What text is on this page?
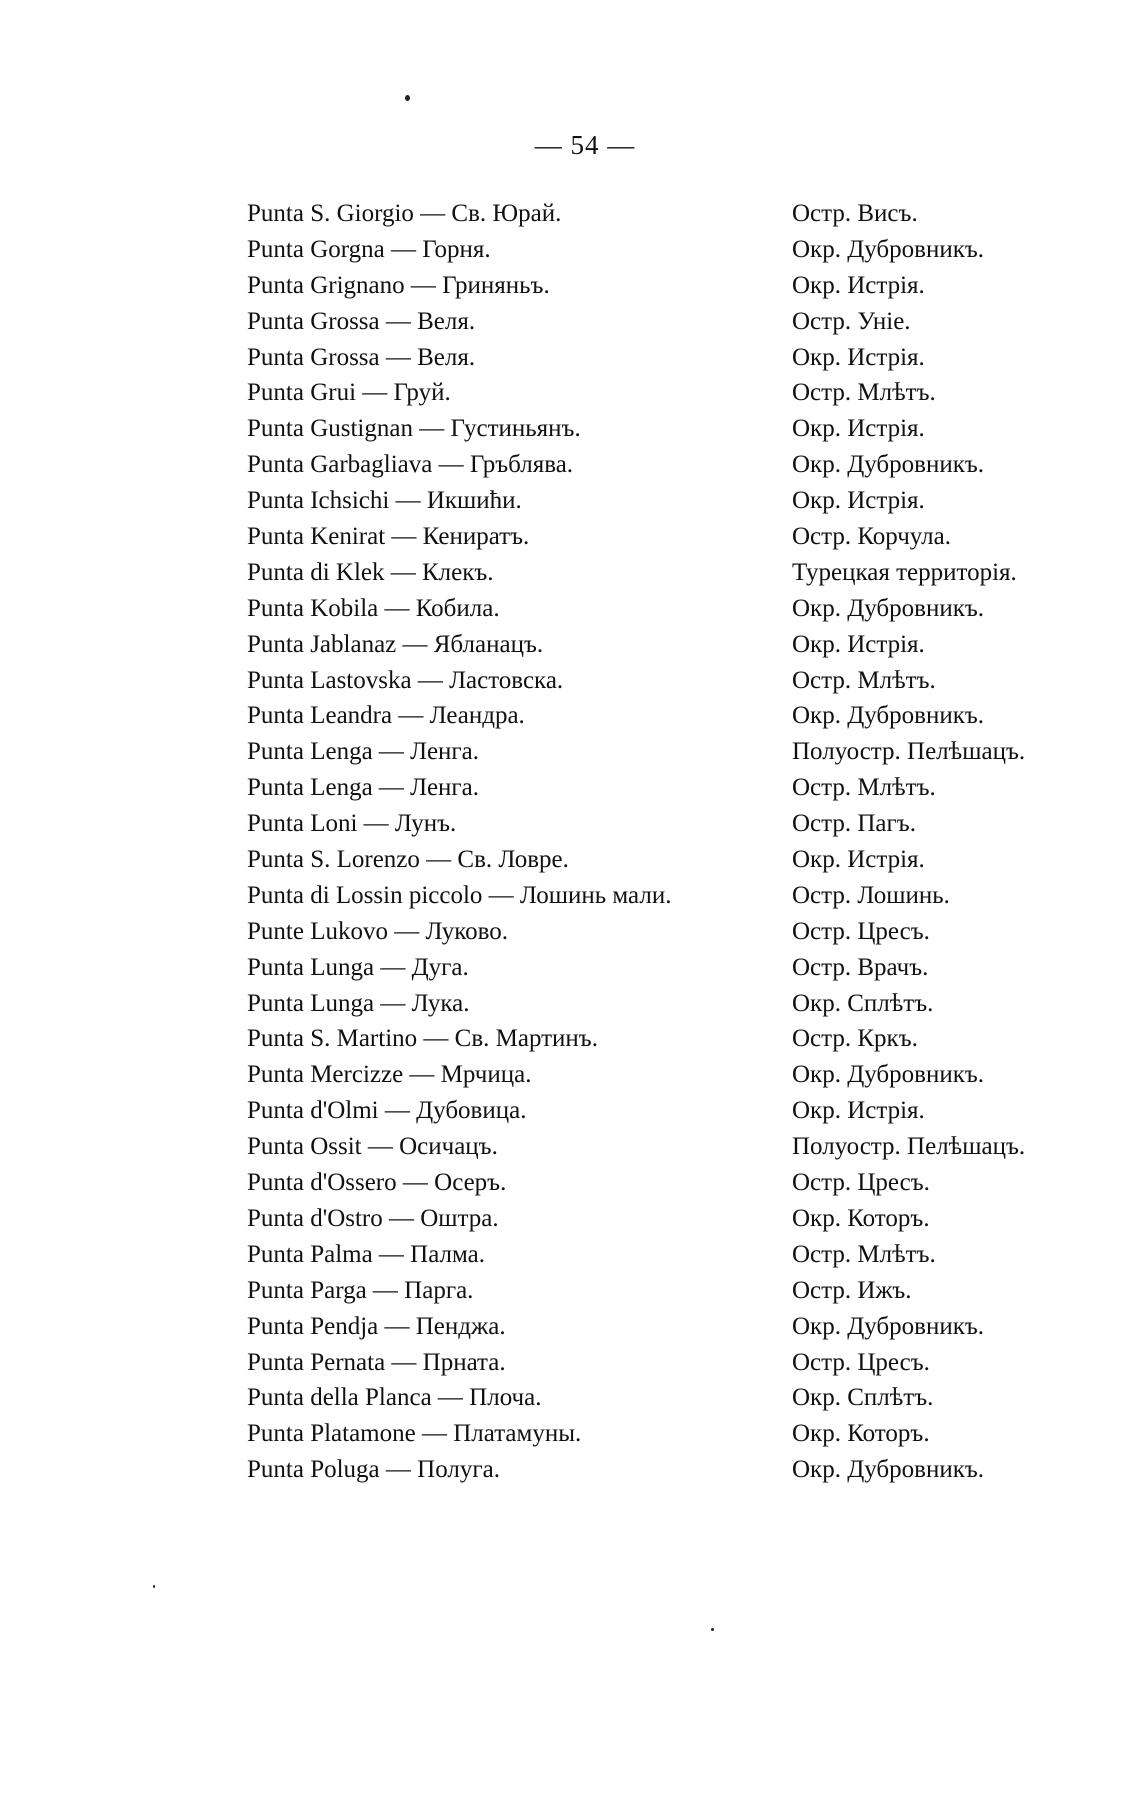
— 54 —
Punta S. Giorgio — Св. Юрай.	Остр. Висъ.
Punta Gorgna — Горня.	Окр. Дубровникъ.
Punta Grignano — Гриняньъ.	Окр. Истрія.
Punta Grossa — Веля.	Остр. Уніе.
Punta Grossa — Веля.	Окр. Истрія.
Punta Grui — Груй.	Остр. Млѣтъ.
Punta Gustignan — Густиньянъ.	Окр. Истрія.
Punta Garbagliava — Гръблява.	Окр. Дубровникъ.
Punta Ichsichi — Икшићи.	Окр. Истрія.
Punta Kenirat — Кениратъ.	Остр. Корчула.
Punta di Klek — Клекъ.	Турецкая территорія.
Punta Kobila — Кобила.	Окр. Дубровникъ.
Punta Jablanaz — Ябланацъ.	Окр. Истрія.
Punta Lastovska — Ластовска.	Остр. Млѣтъ.
Punta Leandra — Леандра.	Окр. Дубровникъ.
Punta Lenga — Ленга.	Полуостр. Пелѣшацъ.
Punta Lenga — Ленга.	Остр. Млѣтъ.
Punta Loni — Лунъ.	Остр. Пагъ.
Punta S. Lorenzo — Св. Ловре.	Окр. Истрія.
Punta di Lossin piccolo — Лошинь мали.	Остр. Лошинь.
Punte Lukovo — Луково.	Остр. Цресъ.
Punta Lunga — Дуга.	Остр. Врачъ.
Punta Lunga — Лука.	Окр. Сплѣтъ.
Punta S. Martino — Св. Мартинъ.	Остр. Кркъ.
Punta Mercizze — Мрчица.	Окр. Дубровникъ.
Punta d'Olmi — Дубовица.	Окр. Истрія.
Punta Ossit — Осичацъ.	Полуостр. Пелѣшацъ.
Punta d'Ossero — Осеръ.	Остр. Цресъ.
Punta d'Ostro — Оштра.	Окр. Которъ.
Punta Palma — Палма.	Остр. Млѣтъ.
Punta Parga — Парга.	Остр. Ижъ.
Punta Pendja — Пенджа.	Окр. Дубровникъ.
Punta Pernata — Прната.	Остр. Цресъ.
Punta della Planca — Плоча.	Окр. Сплѣтъ.
Punta Platamone — Платамуны.	Окр. Которъ.
Punta Poluga — Полуга.	Окр. Дубровникъ.
